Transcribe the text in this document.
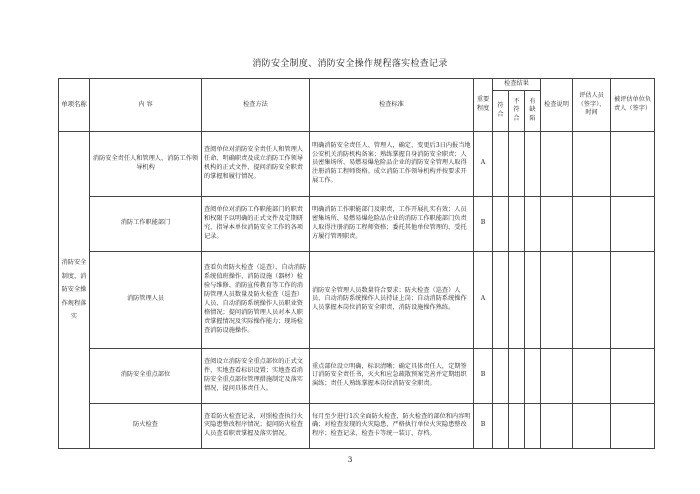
消防安全制度、消防安全操作规程落实检查记录
单项名称	内 容	检查方法	检查标准	重要程度	检查结果			检查说明	评估人员（签字）、时间	被评估单位负责人（签字）
					符合	不符合	有缺陷			
消防安全制度、消防安全操作规程落实	消防安全责任人和管理人、消防工作领导机构	查阅单位对消防安全责任人和管理人任命、明确职责及成立消防工作领导机构的正式文件，提问消防安全职责的掌握和履行情况。	明确消防安全责任人、管理人，确定、变更后3日内报当地公安机关消防机构备案；熟练掌握自身消防安全职责；人员密集场所、易燃易爆危险品企业的消防安全管理人取得注册消防工程师资格。成立消防工作领导机构并按要求开展工作。	A						
	消防工作职能部门	查阅单位对消防工作职能部门的职责和权限予以明确的正式文件及定期研究、指导本单位消防安全工作的各项记录。	明确消防工作职能部门及职责，工作开展扎实有效；人员密集场所、易燃易爆危险品企业的消防工作职能部门负责人取得注册消防工程师资格；委托其他单位管理的，受托方履行管理职责。	B						
	消防管理人员	查看负责防火检查（巡查）、自动消防系统值班操作、消防设施（器材）检验与维修、消防宣传教育等工作的消防管理人员数量及防火检查（巡查）人员、自动消防系统操作人员职业资格情况；提问消防管理人员对本人职责掌握情况及实际操作能力；现场检查消防设施操作。	消防安全管理人员数量符合要求；防火检查（巡查）人员、自动消防系统操作人员持证上岗；自动消防系统操作人员掌握本岗位消防安全职责，消防设施操作熟练。	A						
	消防安全重点部位	查阅设立消防安全重点部位的正式文件，实地查看标识设置；实地查看消防安全重点部位管理措施制定及落实情况，提问具体责任人。	重点部位设立明确，标识清晰；确定具体责任人，定期签订消防安全责任书，灭火和应急疏散预案完善并定期组织演练；责任人熟练掌握本岗位消防安全职责。	B						
	防火检查	查看防火检查记录，对照检查执行火灾隐患整改程序情况；提问防火检查人员查看职责掌握及落实情况。	每月至少进行1次全面防火检查，防火检查的部位和内容明确；对检查发现的火灾隐患，严格执行单位火灾隐患整改程序；检查记录、检查卡等统一装订、存档。	B						
3
